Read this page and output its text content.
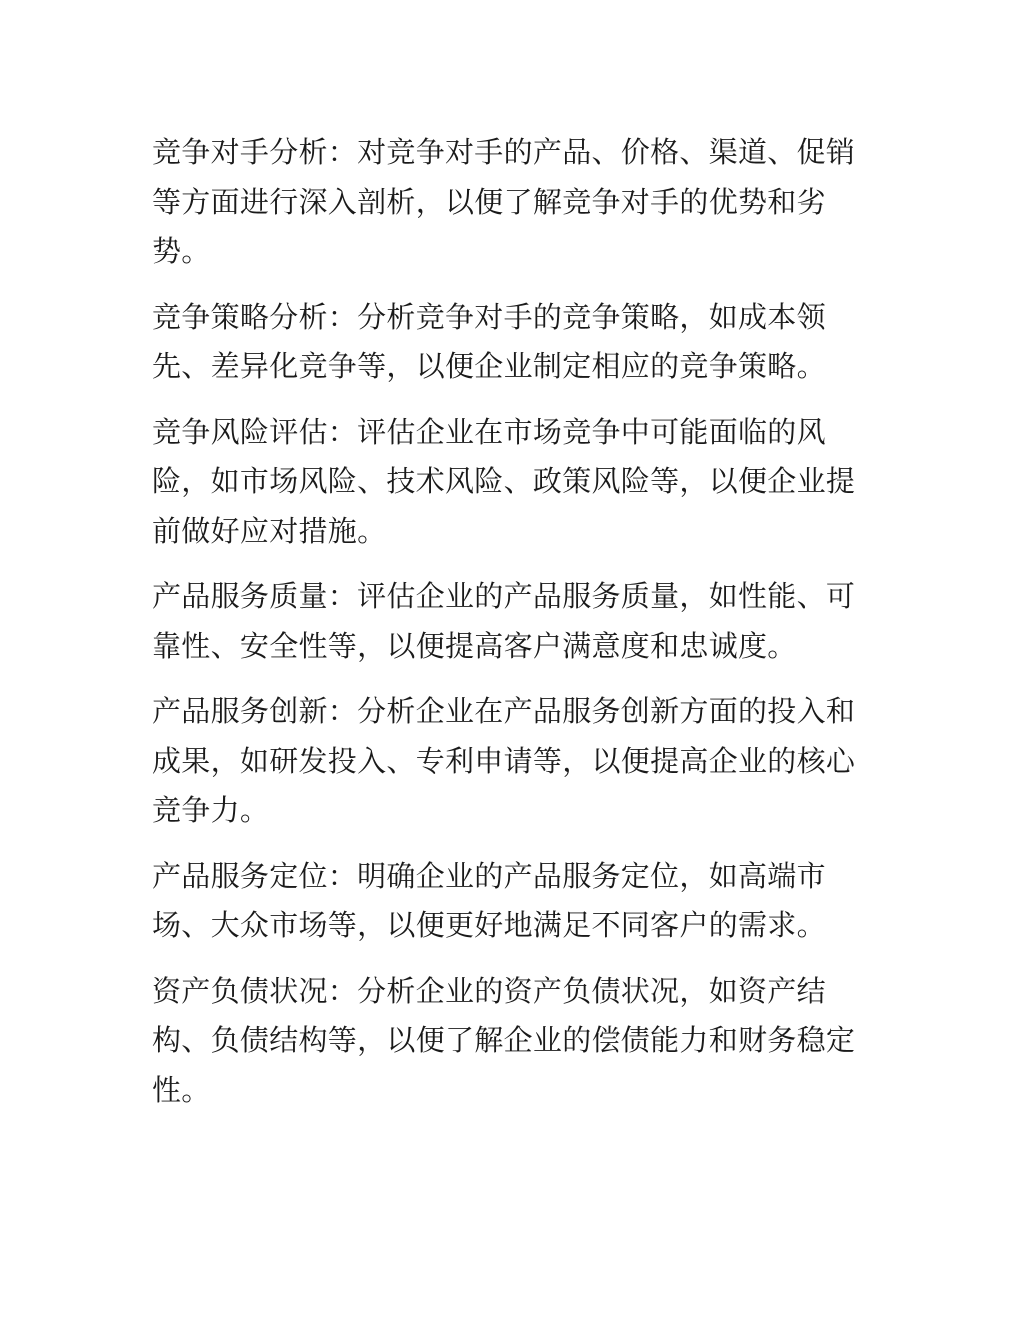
竞争对手分析：对竞争对手的产品、价格、渠道、促销
等方面进行深入剖析，以便了解竞争对手的优势和劣
势。
竞争策略分析：分析竞争对手的竞争策略，如成本领
先、差异化竞争等，以便企业制定相应的竞争策略。
竞争风险评估：评估企业在市场竞争中可能面临的风
险，如市场风险、技术风险、政策风险等，以便企业提
前做好应对措施。
产品服务质量：评估企业的产品服务质量，如性能、可
靠性、安全性等，以便提高客户满意度和忠诚度。
产品服务创新：分析企业在产品服务创新方面的投入和
成果，如研发投入、专利申请等，以便提高企业的核心
竞争力。
产品服务定位：明确企业的产品服务定位，如高端市
场、大众市场等，以便更好地满足不同客户的需求。
资产负债状况：分析企业的资产负债状况，如资产结
构、负债结构等，以便了解企业的偿债能力和财务稳定
性。
